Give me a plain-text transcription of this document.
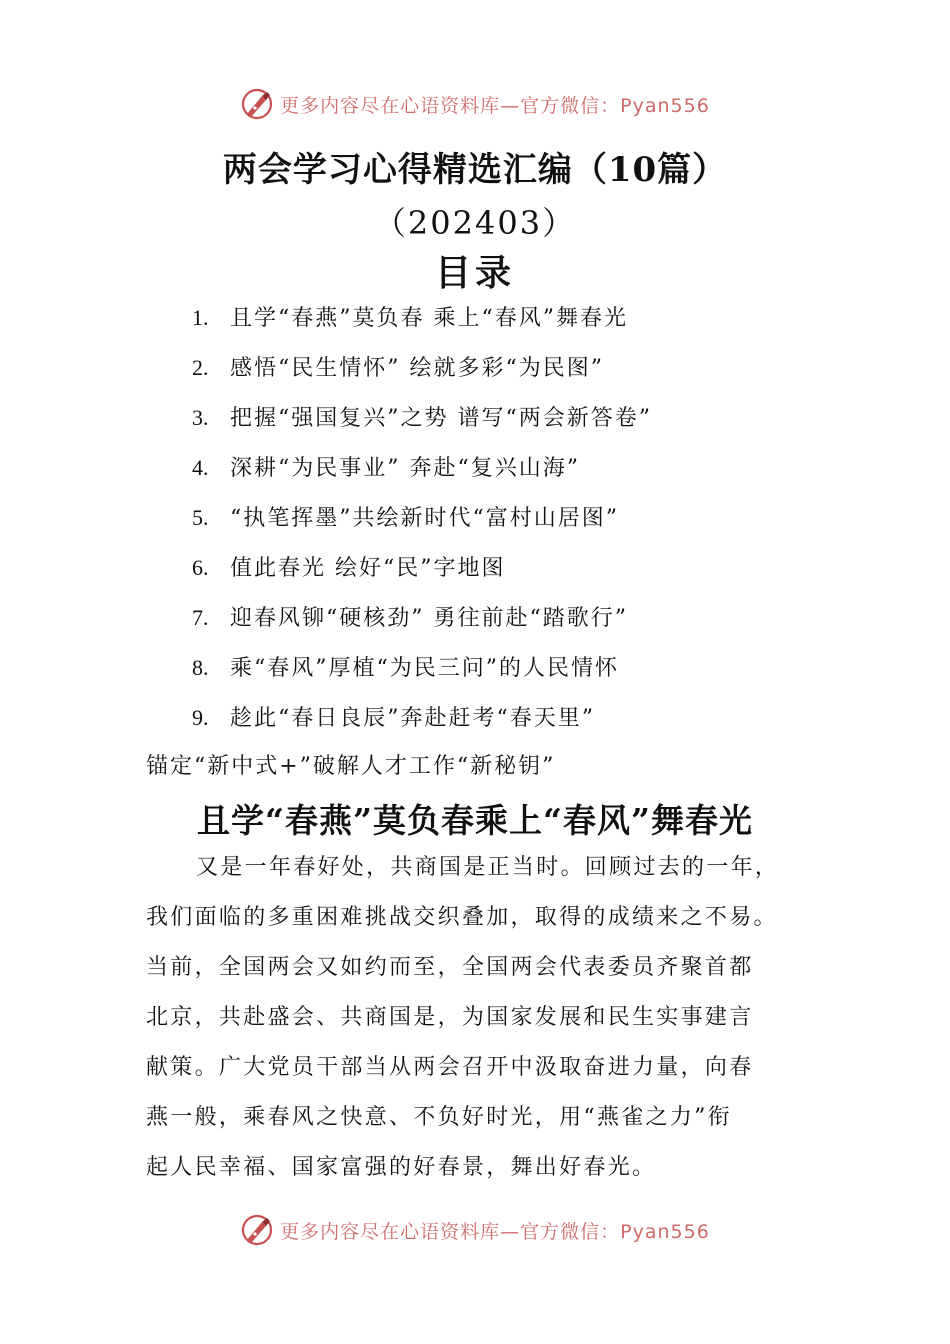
更多内容尽在心语资料库—官方微信：Pyan556
两会学习心得精选汇编（10篇）
（202403）
目录
1. 且学“春燕”莫负春 乘上“春风”舞春光
2. 感悟“民生情怀” 绘就多彩“为民图”
3. 把握“强国复兴”之势 谱写“两会新答卷”
4. 深耕“为民事业” 奔赴“复兴山海”
5. “执笔挥墨”共绘新时代“富村山居图”
6. 值此春光 绘好“民”字地图
7. 迎春风铆“硬核劲” 勇往前赴“踏歌行”
8. 乘“春风”厚植“为民三问”的人民情怀
9. 趁此“春日良辰”奔赴赶考“春天里”
锚定“新中式+”破解人才工作“新秘钥”
且学“春燕”莫负春乘上“春风”舞春光
又是一年春好处，共商国是正当时。回顾过去的一年，
我们面临的多重困难挑战交织叠加，取得的成绩来之不易。
当前，全国两会又如约而至，全国两会代表委员齐聚首都
北京，共赴盛会、共商国是，为国家发展和民生实事建言
献策。广大党员干部当从两会召开中汲取奋进力量，向春
燕一般，乘春风之快意、不负好时光，用“燕雀之力”衔
起人民幸福、国家富强的好春景，舞出好春光。
更多内容尽在心语资料库—官方微信：Pyan556
